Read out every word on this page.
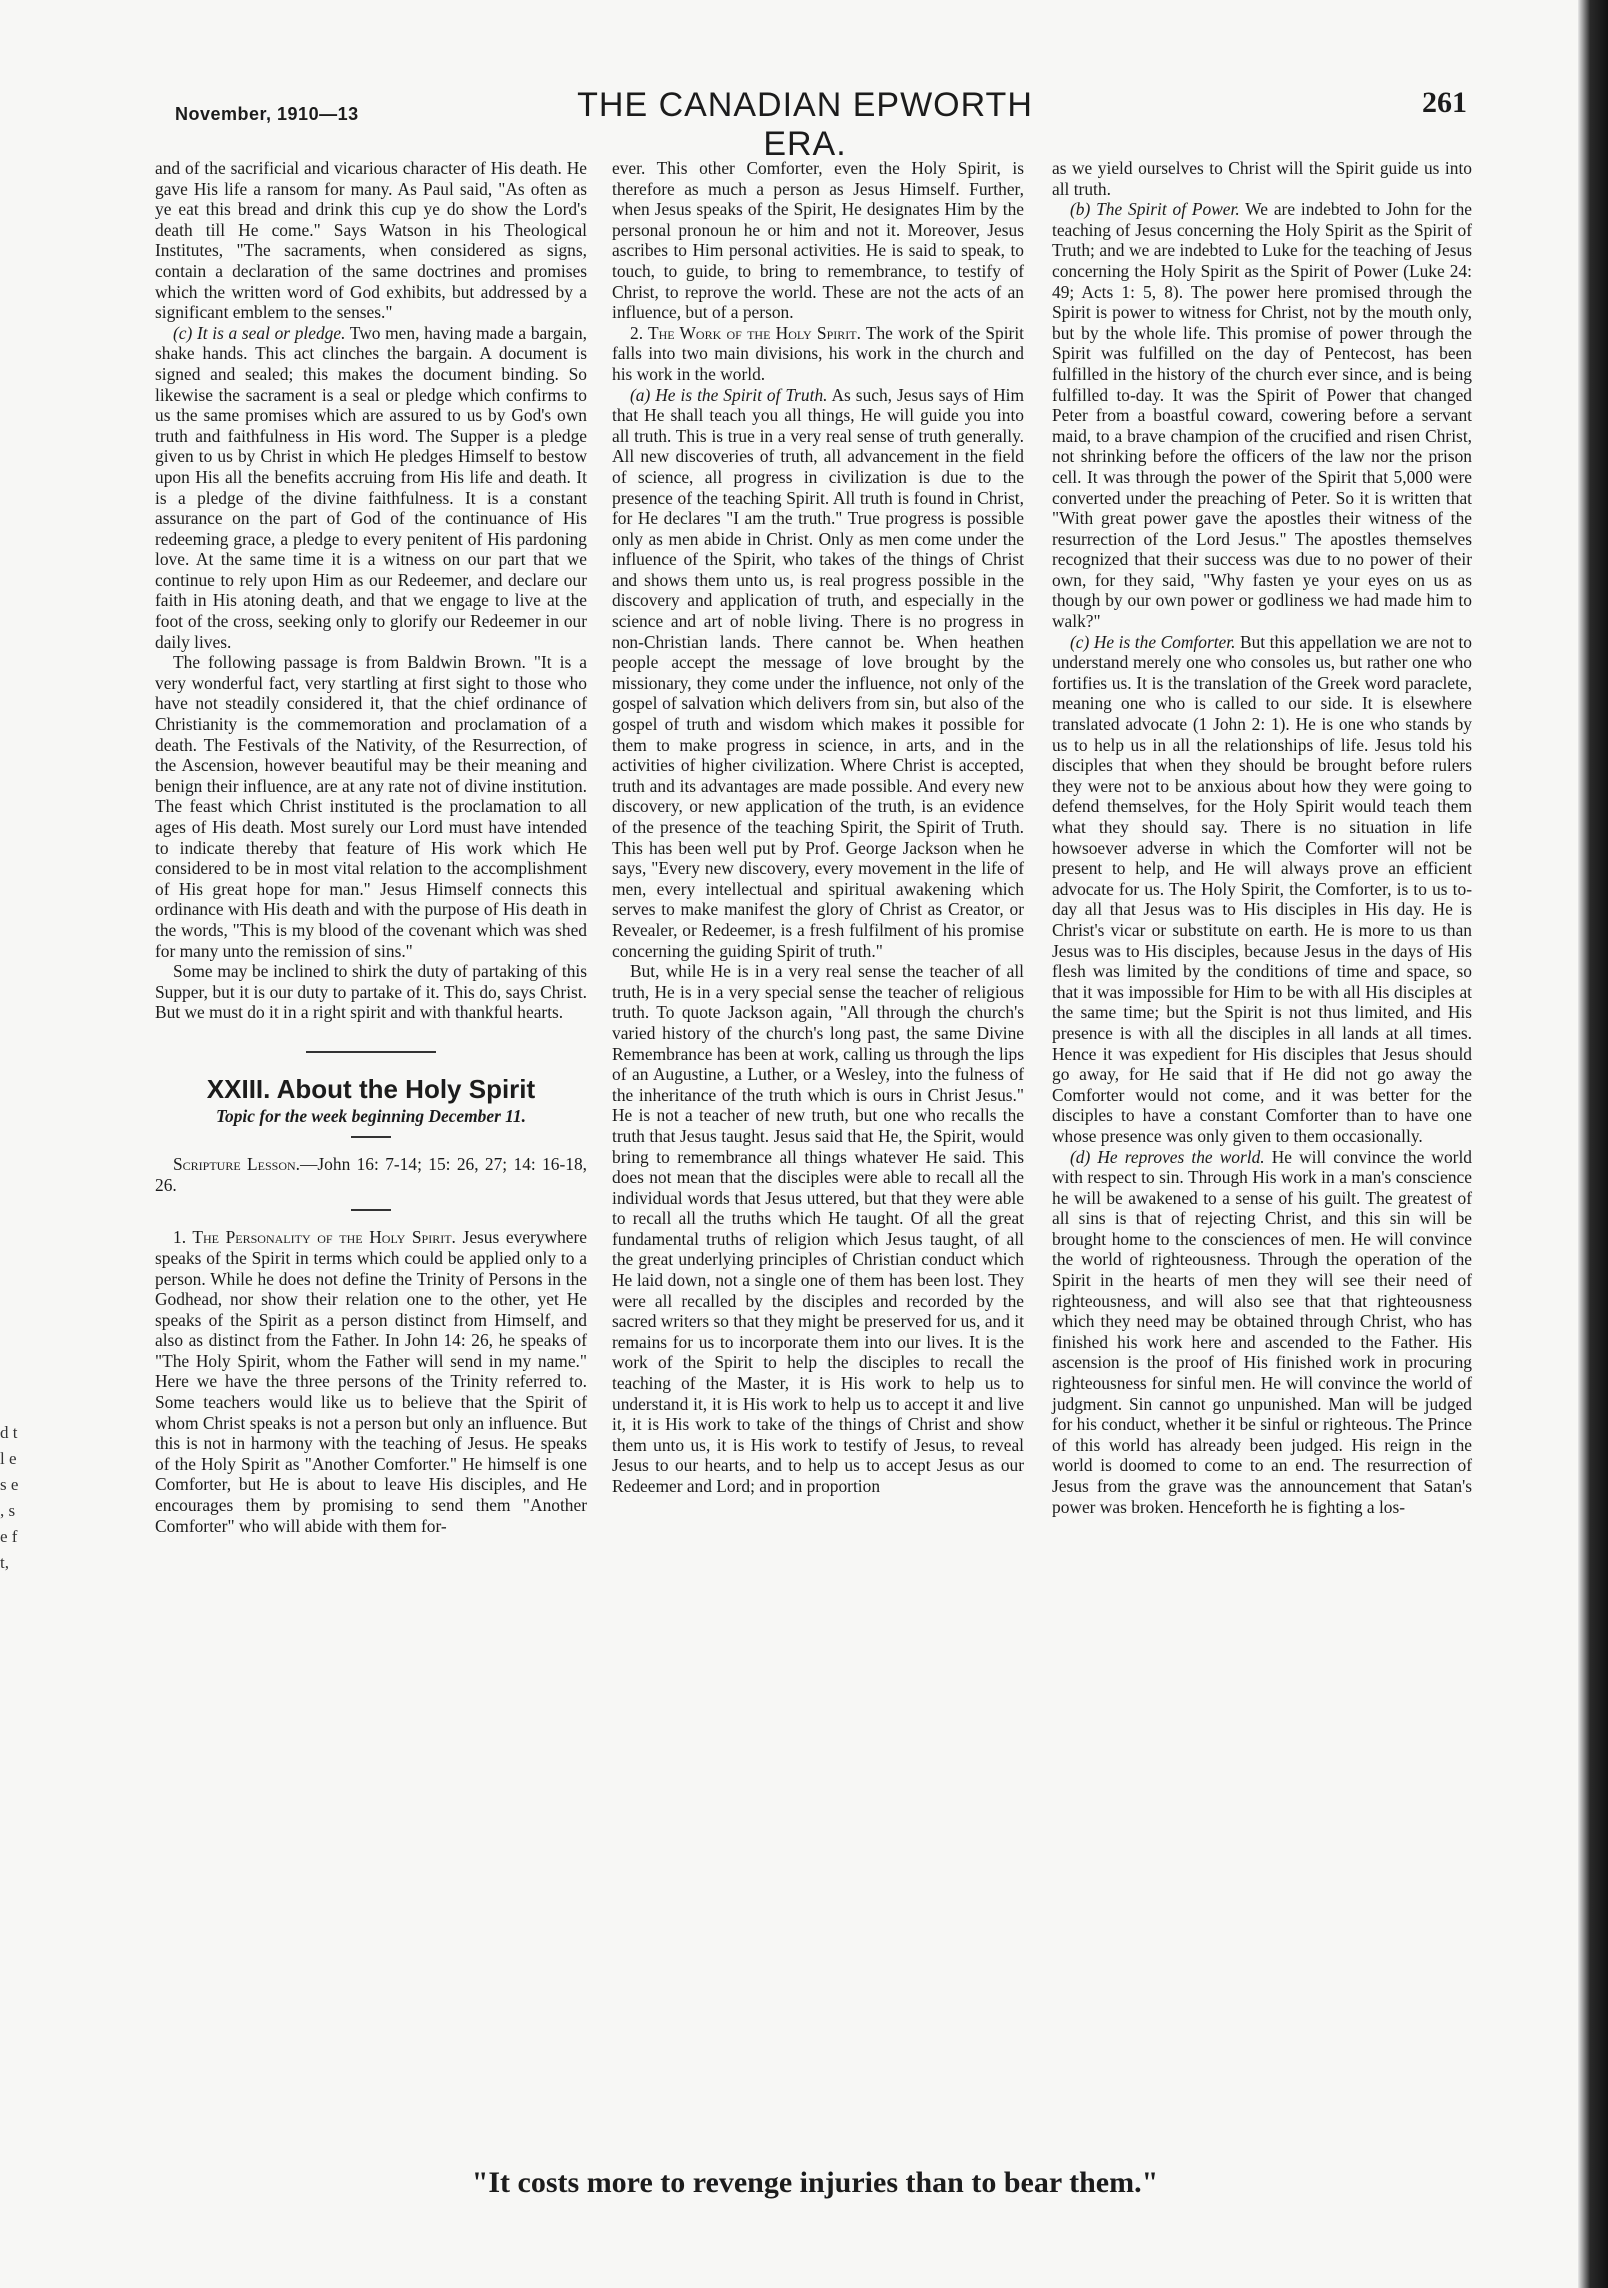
d t l e s e , s e f t,
November, 1910—13	THE CANADIAN EPWORTH ERA.
261

and of the sacrificial and vicarious character of His death. He gave His life a ransom for many. As Paul said, "As often as ye eat this bread and drink this cup ye do show the Lord's death till He come." Says Watson in his Theological Institutes, "The sacraments, when considered as signs, contain a declaration of the same doctrines and promises which the written word of God exhibits, but addressed by a significant emblem to the senses."

(c) It is a seal or pledge. Two men, having made a bargain, shake hands. This act clinches the bargain. A document is signed and sealed; this makes the document binding. So likewise the sacrament is a seal or pledge which confirms to us the same promises which are assured to us by God's own truth and faithfulness in His word. The Supper is a pledge given to us by Christ in which He pledges Himself to bestow upon His all the benefits accruing from His life and death. It is a pledge of the divine faithfulness. It is a constant assurance on the part of God of the continuance of His redeeming grace, a pledge to every penitent of His pardoning love. At the same time it is a witness on our part that we continue to rely upon Him as our Redeemer, and declare our faith in His atoning death, and that we engage to live at the foot of the cross, seeking only to glorify our Redeemer in our daily lives.

The following passage is from Baldwin Brown. "It is a very wonderful fact, very startling at first sight to those who have not steadily considered it, that the chief ordinance of Christianity is the commemoration and proclamation of a death. The Festivals of the Nativity, of the Resurrection, of the Ascension, however beautiful may be their meaning and benign their influence, are at any rate not of divine institution. The feast which Christ instituted is the proclamation to all ages of His death. Most surely our Lord must have intended to indicate thereby that feature of His work which He considered to be in most vital relation to the accomplishment of His great hope for man." Jesus Himself connects this ordinance with His death and with the purpose of His death in the words, "This is my blood of the covenant which was shed for many unto the remission of sins."

Some may be inclined to shirk the duty of partaking of this Supper, but it is our duty to partake of it. This do, says Christ. But we must do it in a right spirit and with thankful hearts.

XXIII. About the Holy Spirit
Topic for the week beginning December 11.

Scripture Lesson.—John 16: 7-14; 15: 26, 27; 14: 16-18, 26.

1. The Personality of the Holy Spirit. Jesus everywhere speaks of the Spirit in terms which could be applied only to a person. While he does not define the Trinity of Persons in the Godhead, nor show their relation one to the other, yet He speaks of the Spirit as a person distinct from Himself, and also as distinct from the Father. In John 14: 26, he speaks of "The Holy Spirit, whom the Father will send in my name." Here we have the three persons of the Trinity referred to. Some teachers would like us to believe that the Spirit of whom Christ speaks is not a person but only an influence. But this is not in harmony with the teaching of Jesus. He speaks of the Holy Spirit as "Another Comforter." He himself is one Comforter, but He is about to leave His disciples, and He encourages them by promising to send them "Another Comforter" who will abide with them for-

ever. This other Comforter, even the Holy Spirit, is therefore as much a person as Jesus Himself. Further, when Jesus speaks of the Spirit, He designates Him by the personal pronoun he or him and not it. Moreover, Jesus ascribes to Him personal activities. He is said to speak, to touch, to guide, to bring to remembrance, to testify of Christ, to reprove the world. These are not the acts of an influence, but of a person.

2. The Work of the Holy Spirit. The work of the Spirit falls into two main divisions, his work in the church and his work in the world.

(a) He is the Spirit of Truth. As such, Jesus says of Him that He shall teach you all things, He will guide you into all truth. This is true in a very real sense of truth generally. All new discoveries of truth, all advancement in the field of science, all progress in civilization is due to the presence of the teaching Spirit. All truth is found in Christ, for He declares "I am the truth." True progress is possible only as men abide in Christ. Only as men come under the influence of the Spirit, who takes of the things of Christ and shows them unto us, is real progress possible in the discovery and application of truth, and especially in the science and art of noble living. There is no progress in non-Christian lands. There cannot be. When heathen people accept the message of love brought by the missionary, they come under the influence, not only of the gospel of salvation which delivers from sin, but also of the gospel of truth and wisdom which makes it possible for them to make progress in science, in arts, and in the activities of higher civilization. Where Christ is accepted, truth and its advantages are made possible. And every new discovery, or new application of the truth, is an evidence of the presence of the teaching Spirit, the Spirit of Truth. This has been well put by Prof. George Jackson when he says, "Every new discovery, every movement in the life of men, every intellectual and spiritual awakening which serves to make manifest the glory of Christ as Creator, or Revealer, or Redeemer, is a fresh fulfilment of his promise concerning the guiding Spirit of truth."

But, while He is in a very real sense the teacher of all truth, He is in a very special sense the teacher of religious truth. To quote Jackson again, "All through the church's varied history of the church's long past, the same Divine Remembrance has been at work, calling us through the lips of an Augustine, a Luther, or a Wesley, into the fulness of the inheritance of the truth which is ours in Christ Jesus." He is not a teacher of new truth, but one who recalls the truth that Jesus taught. Jesus said that He, the Spirit, would bring to remembrance all things whatever He said. This does not mean that the disciples were able to recall all the individual words that Jesus uttered, but that they were able to recall all the truths which He taught. Of all the great fundamental truths of religion which Jesus taught, of all the great underlying principles of Christian conduct which He laid down, not a single one of them has been lost. They were all recalled by the disciples and recorded by the sacred writers so that they might be preserved for us, and it remains for us to incorporate them into our lives. It is the work of the Spirit to help the disciples to recall the teaching of the Master, it is His work to help us to understand it, it is His work to help us to accept it and live it, it is His work to take of the things of Christ and show them unto us, it is His work to testify of Jesus, to reveal Jesus to our hearts, and to help us to accept Jesus as our Redeemer and Lord; and in proportion

as we yield ourselves to Christ will the Spirit guide us into all truth.

(b) The Spirit of Power. We are indebted to John for the teaching of Jesus concerning the Holy Spirit as the Spirit of Truth; and we are indebted to Luke for the teaching of Jesus concerning the Holy Spirit as the Spirit of Power (Luke 24: 49; Acts 1: 5, 8). The power here promised through the Spirit is power to witness for Christ, not by the mouth only, but by the whole life. This promise of power through the Spirit was fulfilled on the day of Pentecost, has been fulfilled in the history of the church ever since, and is being fulfilled to-day. It was the Spirit of Power that changed Peter from a boastful coward, cowering before a servant maid, to a brave champion of the crucified and risen Christ, not shrinking before the officers of the law nor the prison cell. It was through the power of the Spirit that 5,000 were converted under the preaching of Peter. So it is written that "With great power gave the apostles their witness of the resurrection of the Lord Jesus." The apostles themselves recognized that their success was due to no power of their own, for they said, "Why fasten ye your eyes on us as though by our own power or godliness we had made him to walk?"

(c) He is the Comforter. But this appellation we are not to understand merely one who consoles us, but rather one who fortifies us. It is the translation of the Greek word paraclete, meaning one who is called to our side. It is elsewhere translated advocate (1 John 2: 1). He is one who stands by us to help us in all the relationships of life. Jesus told his disciples that when they should be brought before rulers they were not to be anxious about how they were going to defend themselves, for the Holy Spirit would teach them what they should say. There is no situation in life howsoever adverse in which the Comforter will not be present to help, and He will always prove an efficient advocate for us. The Holy Spirit, the Comforter, is to us to-day all that Jesus was to His disciples in His day. He is Christ's vicar or substitute on earth. He is more to us than Jesus was to His disciples, because Jesus in the days of His flesh was limited by the conditions of time and space, so that it was impossible for Him to be with all His disciples at the same time; but the Spirit is not thus limited, and His presence is with all the disciples in all lands at all times. Hence it was expedient for His disciples that Jesus should go away, for He said that if He did not go away the Comforter would not come, and it was better for the disciples to have a constant Comforter than to have one whose presence was only given to them occasionally.

(d) He reproves the world. He will convince the world with respect to sin. Through His work in a man's conscience he will be awakened to a sense of his guilt. The greatest of all sins is that of rejecting Christ, and this sin will be brought home to the consciences of men. He will convince the world of righteousness. Through the operation of the Spirit in the hearts of men they will see their need of righteousness, and will also see that that righteousness which they need may be obtained through Christ, who has finished his work here and ascended to the Father. His ascension is the proof of His finished work in procuring righteousness for sinful men. He will convince the world of judgment. Sin cannot go unpunished. Man will be judged for his conduct, whether it be sinful or righteous. The Prince of this world has already been judged. His reign in the world is doomed to come to an end. The resurrection of Jesus from the grave was the announcement that Satan's power was broken. Henceforth he is fighting a los-

"It costs more to revenge injuries than to bear them."
